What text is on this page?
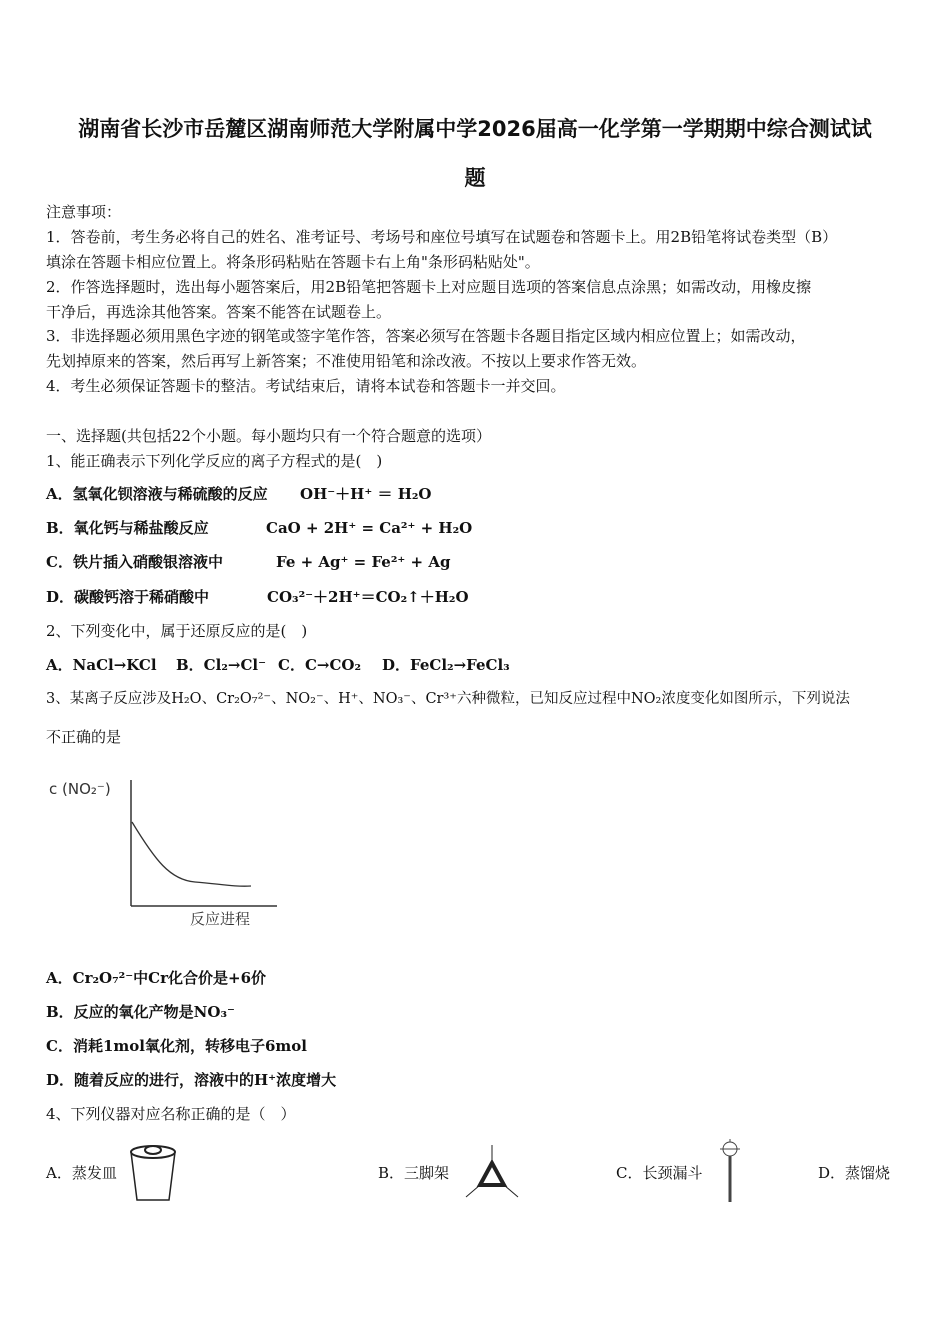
湖南省长沙市岳麓区湖南师范大学附属中学2026届高一化学第一学期期中综合测试试
题
注意事项：
1．答卷前，考生务必将自己的姓名、准考证号、考场号和座位号填写在试题卷和答题卡上。用2B铅笔将试卷类型（B）
填涂在答题卡相应位置上。将条形码粘贴在答题卡右上角"条形码粘贴处"。
2．作答选择题时，选出每小题答案后，用2B铅笔把答题卡上对应题目选项的答案信息点涂黑；如需改动，用橡皮擦
干净后，再选涂其他答案。答案不能答在试题卷上。
3．非选择题必须用黑色字迹的钢笔或签字笔作答，答案必须写在答题卡各题目指定区域内相应位置上；如需改动，
先划掉原来的答案，然后再写上新答案；不准使用铅笔和涂改液。不按以上要求作答无效。
4．考生必须保证答题卡的整洁。考试结束后，请将本试卷和答题卡一并交回。
一、选择题(共包括22个小题。每小题均只有一个符合题意的选项）
1、能正确表示下列化学反应的离子方程式的是(　)
A．氢氧化钡溶液与稀硫酸的反应 OH⁻＋H⁺ ＝ H₂O
B．氧化钙与稀盐酸反应	CaO + 2H⁺ = Ca²⁺ + H₂O
C．铁片插入硝酸银溶液中	Fe + Ag⁺ = Fe²⁺ + Ag
D．碳酸钙溶于稀硝酸中	CO₃²⁻＋2H⁺＝CO₂↑＋H₂O
2、下列变化中，属于还原反应的是(　)
A．NaCl→KCl B．Cl₂→Cl⁻ C．C→CO₂ D．FeCl₂→FeCl₃
3、某离子反应涉及H₂O、Cr₂O₇²⁻、NO₂⁻、H⁺、NO₃⁻、Cr³⁺六种微粒，已知反应过程中NO₂浓度变化如图所示，下列说法
不正确的是
c (NO₂⁻)
反应进程
A．Cr₂O₇²⁻中Cr化合价是+6价
B．反应的氧化产物是NO₃⁻
C．消耗1mol氧化剂，转移电子6mol
D．随着反应的进行，溶液中的H⁺浓度增大
4、下列仪器对应名称正确的是（　）
A．蒸发皿	B．三脚架	C．长颈漏斗	D．蒸馏烧
